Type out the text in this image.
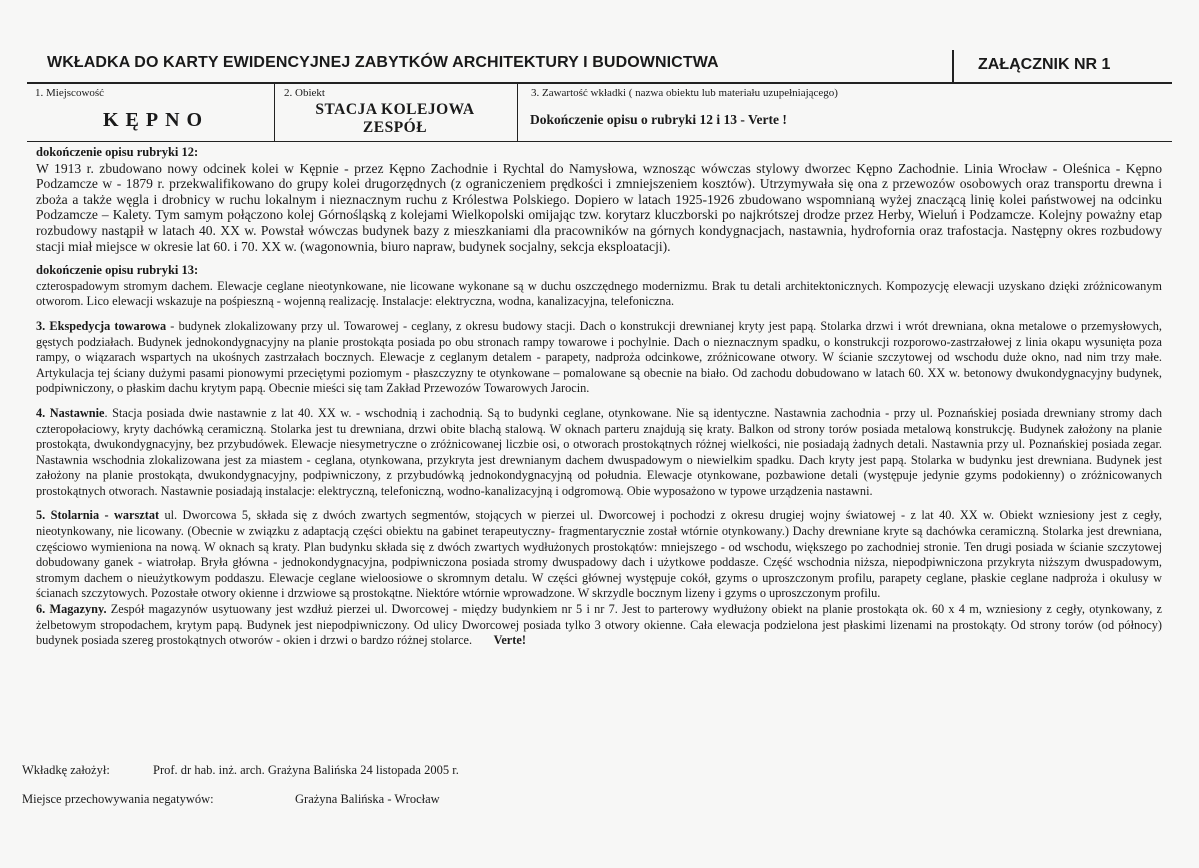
WKŁADKA DO KARTY EWIDENCYJNEJ ZABYTKÓW ARCHITEKTURY I BUDOWNICTWA	ZAŁĄCZNIK NR 1
1. Miejscowość
KĘPNO
2. Obiekt
STACJA KOLEJOWA
ZESPÓŁ
3. Zawartość wkładki ( nazwa obiektu lub materiału uzupełniającego)
Dokończenie opisu o rubryki 12 i 13 - Verte !

dokończenie opisu rubryki 12:

W 1913 r. zbudowano nowy odcinek kolei w Kępnie - przez Kępno Zachodnie i Rychtal do Namysłowa, wznosząc wówczas stylowy dworzec Kępno Zachodnie. Linia Wrocław - Oleśnica - Kępno Podzamcze w - 1879 r. przekwalifikowano do grupy kolei drugorzędnych (z ograniczeniem prędkości i zmniejszeniem kosztów). Utrzymywała się ona z przewozów osobowych oraz transportu drewna i zboża a także węgla i drobnicy w ruchu lokalnym i nieznacznym ruchu z Królestwa Polskiego. Dopiero w latach 1925-1926 zbudowano wspomnianą wyżej znaczącą linię kolei państwowej na odcinku Podzamcze – Kalety. Tym samym połączono kolej Górnośląską z kolejami Wielkopolski omijając tzw. korytarz kluczborski po najkrótszej drodze przez Herby, Wieluń i Podzamcze. Kolejny poważny etap rozbudowy nastąpił w latach 40. XX w. Powstał wówczas budynek bazy z mieszkaniami dla pracowników na górnych kondygnacjach, nastawnia, hydrofornia oraz trafostacja. Następny okres rozbudowy stacji miał miejsce w okresie lat 60. i 70. XX w. (wagonownia, biuro napraw, budynek socjalny, sekcja eksploatacji).

dokończenie opisu rubryki 13:

czterospadowym stromym dachem. Elewacje ceglane nieotynkowane, nie licowane wykonane są w duchu oszczędnego modernizmu. Brak tu detali architektonicznych. Kompozycję elewacji uzyskano dzięki zróżnicowanym otworom. Lico elewacji wskazuje na pośpieszną - wojenną realizację. Instalacje: elektryczna, wodna, kanalizacyjna, telefoniczna.

3. Ekspedycja towarowa - budynek zlokalizowany przy ul. Towarowej - ceglany, z okresu budowy stacji. Dach o konstrukcji drewnianej kryty jest papą. Stolarka drzwi i wrót drewniana, okna metalowe o przemysłowych, gęstych podziałach. Budynek jednokondygnacyjny na planie prostokąta posiada po obu stronach rampy towarowe i pochylnie. Dach o nieznacznym spadku, o konstrukcji rozporowo-zastrzałowej z linia okapu wysunięta poza rampy, o wiązarach wspartych na ukośnych zastrzałach bocznych. Elewacje z ceglanym detalem - parapety, nadproża odcinkowe, zróżnicowane otwory. W ścianie szczytowej od wschodu duże okno, nad nim trzy małe. Artykulacja tej ściany dużymi pasami pionowymi przeciętymi poziomym - płaszczyzny te otynkowane – pomalowane są obecnie na biało. Od zachodu dobudowano w latach 60. XX w. betonowy dwukondygnacyjny budynek, podpiwniczony, o płaskim dachu krytym papą. Obecnie mieści się tam Zakład Przewozów Towarowych Jarocin.

4. Nastawnie. Stacja posiada dwie nastawnie z lat 40. XX w. - wschodnią i zachodnią. Są to budynki ceglane, otynkowane. Nie są identyczne. Nastawnia zachodnia - przy ul. Poznańskiej posiada drewniany stromy dach czteropołaciowy, kryty dachówką ceramiczną. Stolarka jest tu drewniana, drzwi obite blachą stalową. W oknach parteru znajdują się kraty. Balkon od strony torów posiada metalową konstrukcję. Budynek założony na planie prostokąta, dwukondygnacyjny, bez przybudówek. Elewacje niesymetryczne o zróżnicowanej liczbie osi, o otworach prostokątnych różnej wielkości, nie posiadają żadnych detali. Nastawnia przy ul. Poznańskiej posiada zegar. Nastawnia wschodnia zlokalizowana jest za miastem - ceglana, otynkowana, przykryta jest drewnianym dachem dwuspadowym o niewielkim spadku. Dach kryty jest papą. Stolarka w budynku jest drewniana. Budynek jest założony na planie prostokąta, dwukondygnacyjny, podpiwniczony, z przybudówką jednokondygnacyjną od południa. Elewacje otynkowane, pozbawione detali (występuje jedynie gzyms podokienny) o zróżnicowanych prostokątnych otworach. Nastawnie posiadają instalacje: elektryczną, telefoniczną, wodno-kanalizacyjną i odgromową. Obie wyposażono w typowe urządzenia nastawni.

5. Stolarnia - warsztat ul. Dworcowa 5, składa się z dwóch zwartych segmentów, stojących w pierzei ul. Dworcowej i pochodzi z okresu drugiej wojny światowej - z lat 40. XX w. Obiekt wzniesiony jest z cegły, nieotynkowany, nie licowany. (Obecnie w związku z adaptacją części obiektu na gabinet terapeutyczny- fragmentarycznie został wtórnie otynkowany.) Dachy drewniane kryte są dachówka ceramiczną. Stolarka jest drewniana, częściowo wymieniona na nową. W oknach są kraty. Plan budynku składa się z dwóch zwartych wydłużonych prostokątów: mniejszego - od wschodu, większego po zachodniej stronie. Ten drugi posiada w ścianie szczytowej dobudowany ganek - wiatrołap. Bryła główna - jednokondygnacyjna, podpiwniczona posiada stromy dwuspadowy dach i użytkowe poddasze. Część wschodnia niższa, niepodpiwniczona przykryta niższym dwuspadowym, stromym dachem o nieużytkowym poddaszu. Elewacje ceglane wieloosiowe o skromnym detalu. W części głównej występuje cokół, gzyms o uproszczonym profilu, parapety ceglane, płaskie ceglane nadproża i okulusy w ścianach szczytowych. Pozostałe otwory okienne i drzwiowe są prostokątne. Niektóre wtórnie wprowadzone. W skrzydle bocznym lizeny i gzyms o uproszczonym profilu.

6. Magazyny. Zespół magazynów usytuowany jest wzdłuż pierzei ul. Dworcowej - między budynkiem nr 5 i nr 7. Jest to parterowy wydłużony obiekt na planie prostokąta ok. 60 x 4 m, wzniesiony z cegły, otynkowany, z żelbetowym stropodachem, krytym papą. Budynek jest niepodpiwniczony. Od ulicy Dworcowej posiada tylko 3 otwory okienne. Cała elewacja podzielona jest płaskimi lizenami na prostokąty. Od strony torów (od północy) budynek posiada szereg prostokątnych otworów - okien i drzwi o bardzo różnej stolarce. Verte!

Wkładkę założył:	Prof. dr hab. inż. arch. Grażyna Balińska 24 listopada 2005 r.
Miejsce przechowywania negatywów:	Grażyna Balińska - Wrocław
